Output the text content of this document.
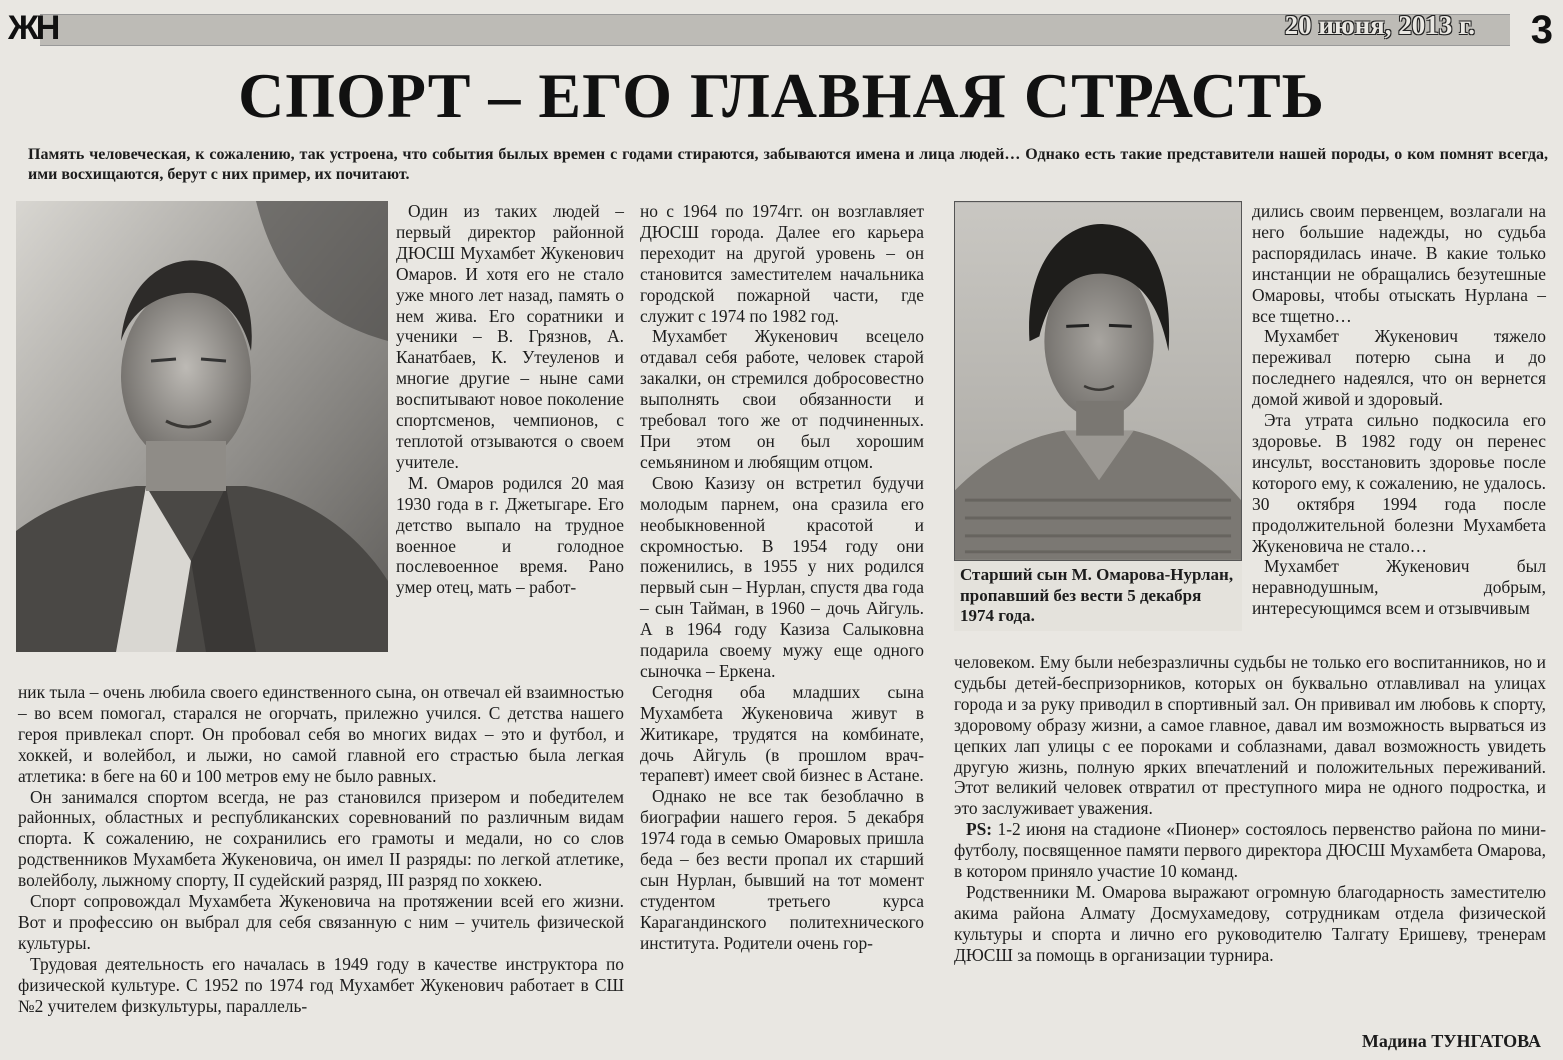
ЖН	20 июня, 2013 г. 3
СПОРТ – ЕГО ГЛАВНАЯ СТРАСТЬ
Память человеческая, к сожалению, так устроена, что события былых времен с годами стираются, забываются имена и лица людей… Однако есть такие представители нашей породы, о ком помнят всегда, ими восхищаются, берут с них пример, их почитают.

Один из таких людей – первый директор районной ДЮСШ Мухамбет Жукенович Омаров. И хотя его не стало уже много лет назад, память о нем жива. Его соратники и ученики – В. Грязнов, А. Канатбаев, К. Утеуленов и многие другие – ныне сами воспитывают новое поколение спортсменов, чемпионов, с теплотой отзываются о своем учителе.

М. Омаров родился 20 мая 1930 года в г. Джетыгаре. Его детство выпало на трудное военное и голодное послевоенное время. Рано умер отец, мать – работ-

ник тыла – очень любила своего единственного сына, он отвечал ей взаимностью – во всем помогал, старался не огорчать, прилежно учился. С детства нашего героя привлекал спорт. Он пробовал себя во многих видах – это и футбол, и хоккей, и волейбол, и лыжи, но самой главной его страстью была легкая атлетика: в беге на 60 и 100 метров ему не было равных.

Он занимался спортом всегда, не раз становился призером и победителем районных, областных и республиканских соревнований по различным видам спорта. К сожалению, не сохранились его грамоты и медали, но со слов родственников Мухамбета Жукеновича, он имел II разряды: по легкой атлетике, волейболу, лыжному спорту, II судейский разряд, III разряд по хоккею.

Спорт сопровождал Мухамбета Жукеновича на протяжении всей его жизни. Вот и профессию он выбрал для себя связанную с ним – учитель физической культуры.

Трудовая деятельность его началась в 1949 году в качестве инструктора по физической культуре. С 1952 по 1974 год Мухамбет Жукенович работает в СШ №2 учителем физкультуры, параллель-

но с 1964 по 1974гг. он возглавляет ДЮСШ города. Далее его карьера переходит на другой уровень – он становится заместителем начальника городской пожарной части, где служит с 1974 по 1982 год.

Мухамбет Жукенович всецело отдавал себя работе, человек старой закалки, он стремился добросовестно выполнять свои обязанности и требовал того же от подчиненных. При этом он был хорошим семьянином и любящим отцом.

Свою Казизу он встретил будучи молодым парнем, она сразила его необыкновенной красотой и скромностью. В 1954 году они поженились, в 1955 у них родился первый сын – Нурлан, спустя два года – сын Тайман, в 1960 – дочь Айгуль. А в 1964 году Казиза Салыковна подарила своему мужу еще одного сыночка – Еркена.

Сегодня оба младших сына Мухамбета Жукеновича живут в Житикаре, трудятся на комбинате, дочь Айгуль (в прошлом врач-терапевт) имеет свой бизнес в Астане.

Однако не все так безоблачно в биографии нашего героя. 5 декабря 1974 года в семью Омаровых пришла беда – без вести пропал их старший сын Нурлан, бывший на тот момент студентом третьего курса Карагандинского политехнического института. Родители очень гор-

Старший сын М. Омарова-Нурлан, пропавший без вести 5 декабря 1974 года.

дились своим первенцем, возлагали на него большие надежды, но судьба распорядилась иначе. В какие только инстанции не обращались безутешные Омаровы, чтобы отыскать Нурлана – все тщетно…

Мухамбет Жукенович тяжело переживал потерю сына и до последнего надеялся, что он вернется домой живой и здоровый.

Эта утрата сильно подкосила его здоровье. В 1982 году он перенес инсульт, восстановить здоровье после которого ему, к сожалению, не удалось. 30 октября 1994 года после продолжительной болезни Мухамбета Жукеновича не стало…

Мухамбет Жукенович был неравнодушным, добрым, интересующимся всем и отзывчивым

человеком. Ему были небезразличны судьбы не только его воспитанников, но и судьбы детей-беспризорников, которых он буквально отлавливал на улицах города и за руку приводил в спортивный зал. Он прививал им любовь к спорту, здоровому образу жизни, а самое главное, давал им возможность вырваться из цепких лап улицы с ее пороками и соблазнами, давал возможность увидеть другую жизнь, полную ярких впечатлений и положительных переживаний. Этот великий человек отвратил от преступного мира не одного подростка, и это заслуживает уважения.

PS: 1-2 июня на стадионе «Пионер» состоялось первенство района по мини-футболу, посвященное памяти первого директора ДЮСШ Мухамбета Омарова, в котором приняло участие 10 команд.

Родственники М. Омарова выражают огромную благодарность заместителю акима района Алмату Досмухамедову, сотрудникам отдела физической культуры и спорта и лично его руководителю Талгату Еришеву, тренерам ДЮСШ за помощь в организации турнира.

Мадина ТУНГАТОВА
